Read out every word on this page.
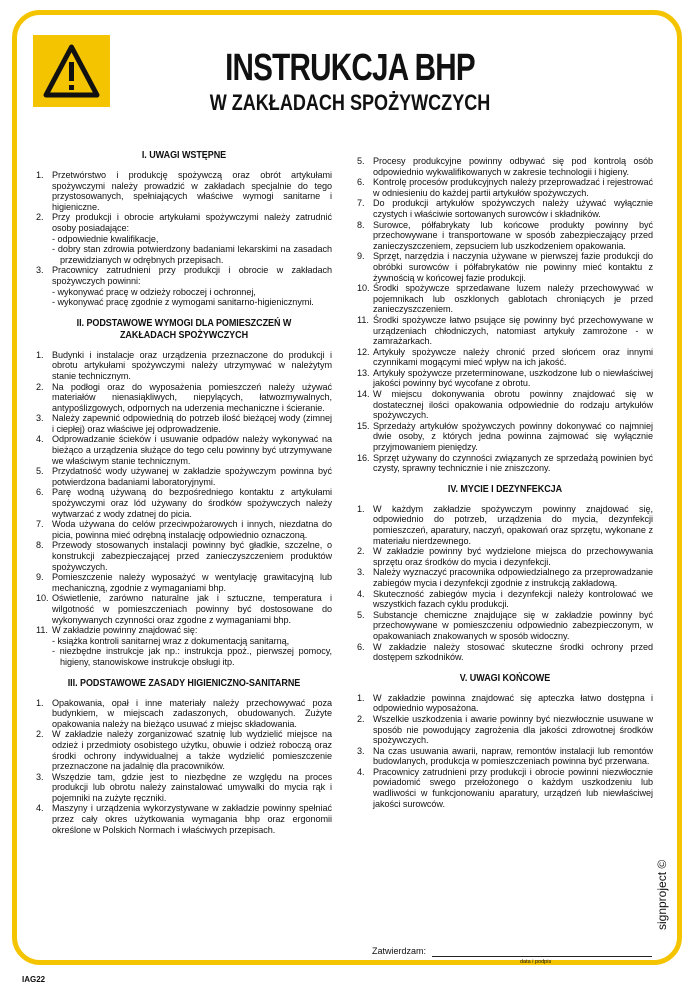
INSTRUKCJA BHP
W ZAKŁADACH SPOŻYWCZYCH
I. UWAGI WSTĘPNE
1. Przetwórstwo i produkcję spożywczą oraz obrót artykułami spożywczymi należy prowadzić w zakładach specjalnie do tego przystosowanych, spełniających właściwe wymogi sanitarne i higieniczne.
2. Przy produkcji i obrocie artykułami spożywczymi należy zatrudnić osoby posiadające:
- odpowiednie kwalifikacje,
- dobry stan zdrowia potwierdzony badaniami lekarskimi na zasadach przewidzianych w odrębnych przepisach.
3. Pracownicy zatrudnieni przy produkcji i obrocie w zakładach spożywczych powinni:
- wykonywać pracę w odzieży roboczej i ochronnej,
- wykonywać pracę zgodnie z wymogami sanitarno-higienicznymi.
II. PODSTAWOWE WYMOGI DLA POMIESZCZEŃ W ZAKŁADACH SPOŻYWCZYCH
1. Budynki i instalacje oraz urządzenia przeznaczone do produkcji i obrotu artykułami spożywczymi należy utrzymywać w należytym stanie technicznym.
2. Na podłogi oraz do wyposażenia pomieszczeń należy używać materiałów nienasiąkliwych, niepylących, łatwozmywalnych, antypoślizgowych, odpornych na uderzenia mechaniczne i ścieranie.
3. Należy zapewnić odpowiednią do potrzeb ilość bieżącej wody (zimnej i ciepłej) oraz właściwe jej odprowadzenie.
4. Odprowadzanie ścieków i usuwanie odpadów należy wykonywać na bieżąco a urządzenia służące do tego celu powinny być utrzymywane we właściwym stanie technicznym.
5. Przydatność wody używanej w zakładzie spożywczym powinna być potwierdzona badaniami laboratoryjnymi.
6. Parę wodną używaną do bezpośredniego kontaktu z artykułami spożywczymi oraz lód używany do środków spożywczych należy wytwarzać z wody zdatnej do picia.
7. Woda używana do celów przeciwpożarowych i innych, niezdatna do picia, powinna mieć odrębną instalację odpowiednio oznaczoną.
8. Przewody stosowanych instalacji powinny być gładkie, szczelne, o konstrukcji zabezpieczającej przed zanieczyszczeniem produktów spożywczych.
9. Pomieszczenie należy wyposażyć w wentylację grawitacyjną lub mechaniczną, zgodnie z wymaganiami bhp.
10. Oświetlenie, zarówno naturalne jak i sztuczne, temperatura i wilgotność w pomieszczeniach powinny być dostosowane do wykonywanych czynności oraz zgodne z wymaganiami bhp.
11. W zakładzie powinny znajdować się:
- książka kontroli sanitarnej wraz z dokumentacją sanitarną,
- niezbędne instrukcje jak np.: instrukcja ppoż., pierwszej pomocy, higieny, stanowiskowe instrukcje obsługi itp.
III. PODSTAWOWE ZASADY HIGIENICZNO-SANITARNE
1. Opakowania, opał i inne materiały należy przechowywać poza budynkiem, w miejscach zadaszonych, obudowanych. Zużyte opakowania należy na bieżąco usuwać z miejsc składowania.
2. W zakładzie należy zorganizować szatnię lub wydzielić miejsce na odzież i przedmioty osobistego użytku, obuwie i odzież roboczą oraz środki ochrony indywidualnej a także wydzielić pomieszczenie przeznaczone na jadalnię dla pracowników.
3. Wszędzie tam, gdzie jest to niezbędne ze względu na proces produkcji lub obrotu należy zainstalować umywalki do mycia rąk i pojemniki na zużyte ręczniki.
4. Maszyny i urządzenia wykorzystywane w zakładzie powinny spełniać przez cały okres użytkowania wymagania bhp oraz ergonomii określone w Polskich Normach i właściwych przepisach.
5. Procesy produkcyjne powinny odbywać się pod kontrolą osób odpowiednio wykwalifikowanych w zakresie technologii i higieny.
6. Kontrolę procesów produkcyjnych należy przeprowadzać i rejestrować w odniesieniu do każdej partii artykułów spożywczych.
7. Do produkcji artykułów spożywczych należy używać wyłącznie czystych i właściwie sortowanych surowców i składników.
8. Surowce, półfabrykaty lub końcowe produkty powinny być przechowywane i transportowane w sposób zabezpieczający przed zanieczyszczeniem, zepsuciem lub uszkodzeniem opakowania.
9. Sprzęt, narzędzia i naczynia używane w pierwszej fazie produkcji do obróbki surowców i półfabrykatów nie powinny mieć kontaktu z żywnością w końcowej fazie produkcji.
10. Środki spożywcze sprzedawane luzem należy przechowywać w pojemnikach lub oszklonych gablotach chroniących je przed zanieczyszczeniem.
11. Środki spożywcze łatwo psujące się powinny być przechowywane w urządzeniach chłodniczych, natomiast artykuły zamrożone - w zamrażarkach.
12. Artykuły spożywcze należy chronić przed słońcem oraz innymi czynnikami mogącymi mieć wpływ na ich jakość.
13. Artykuły spożywcze przeterminowane, uszkodzone lub o niewłaściwej jakości powinny być wycofane z obrotu.
14. W miejscu dokonywania obrotu powinny znajdować się w dostatecznej ilości opakowania odpowiednie do rodzaju artykułów spożywczych.
15. Sprzedaży artykułów spożywczych powinny dokonywać co najmniej dwie osoby, z których jedna powinna zajmować się wyłącznie przyjmowaniem pieniędzy.
16. Sprzęt używany do czynności związanych ze sprzedażą powinien być czysty, sprawny technicznie i nie zniszczony.
IV. MYCIE I DEZYNFEKCJA
1. W każdym zakładzie spożywczym powinny znajdować się, odpowiednio do potrzeb, urządzenia do mycia, dezynfekcji pomieszczeń, aparatury, naczyń, opakowań oraz sprzętu, wykonane z materiału nierdzewnego.
2. W zakładzie powinny być wydzielone miejsca do przechowywania sprzętu oraz środków do mycia i dezynfekcji.
3. Należy wyznaczyć pracownika odpowiedzialnego za przeprowadzanie zabiegów mycia i dezynfekcji zgodnie z instrukcją zakładową.
4. Skuteczność zabiegów mycia i dezynfekcji należy kontrolować we wszystkich fazach cyklu produkcji.
5. Substancje chemiczne znajdujące się w zakładzie powinny być przechowywane w pomieszczeniu odpowiednio zabezpieczonym, w opakowaniach znakowanych w sposób widoczny.
6. W zakładzie należy stosować skuteczne środki ochrony przed dostępem szkodników.
V. UWAGI KOŃCOWE
1. W zakładzie powinna znajdować się apteczka łatwo dostępna i odpowiednio wyposażona.
2. Wszelkie uszkodzenia i awarie powinny być niezwłocznie usuwane w sposób nie powodujący zagrożenia dla jakości zdrowotnej środków spożywczych.
3. Na czas usuwania awarii, napraw, remontów instalacji lub remontów budowlanych, produkcja w pomieszczeniach powinna być przerwana.
4. Pracownicy zatrudnieni przy produkcji i obrocie powinni niezwłocznie powiadomić swego przełożonego o każdym uszkodzeniu lub wadliwości w funkcjonowaniu aparatury, urządzeń lub niewłaściwej jakości surowców.
Zatwierdzam:
data i podpis
IAG22
signproject ©
